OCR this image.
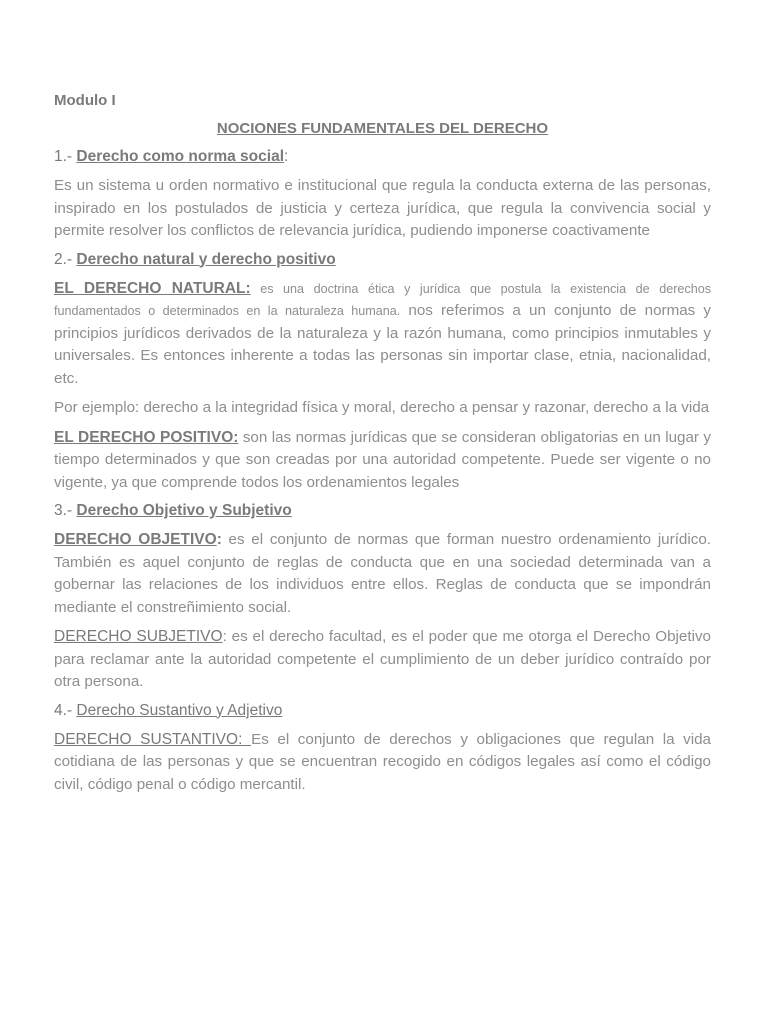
Modulo I
NOCIONES FUNDAMENTALES DEL DERECHO
1.- Derecho como norma social:

Es un sistema u orden normativo e institucional que regula la conducta externa de las personas, inspirado en los postulados de justicia y certeza jurídica, que regula la convivencia social y permite resolver los conflictos de relevancia jurídica, pudiendo imponerse coactivamente

2.- Derecho natural y derecho positivo

EL DERECHO NATURAL: es una doctrina ética y jurídica que postula la existencia de derechos fundamentados o determinados en la naturaleza humana. nos referimos a un conjunto de normas y principios jurídicos derivados de la naturaleza y la razón humana, como principios inmutables y universales. Es entonces inherente a todas las personas sin importar clase, etnia, nacionalidad, etc.

Por ejemplo: derecho a la integridad física y moral, derecho a pensar y razonar, derecho a la vida

EL DERECHO POSITIVO: son las normas jurídicas que se consideran obligatorias en un lugar y tiempo determinados y que son creadas por una autoridad competente. Puede ser vigente o no vigente, ya que comprende todos los ordenamientos legales

3.- Derecho Objetivo y Subjetivo

DERECHO OBJETIVO: es el conjunto de normas que forman nuestro ordenamiento jurídico. También es aquel conjunto de reglas de conducta que en una sociedad determinada van a gobernar las relaciones de los individuos entre ellos. Reglas de conducta que se impondrán mediante el constreñimiento social.

DERECHO SUBJETIVO: es el derecho facultad, es el poder que me otorga el Derecho Objetivo para reclamar ante la autoridad competente el cumplimiento de un deber jurídico contraído por otra persona.

4.- Derecho Sustantivo y Adjetivo

DERECHO SUSTANTIVO: Es el conjunto de derechos y obligaciones que regulan la vida cotidiana de las personas y que se encuentran recogido en códigos legales así como el código civil, código penal o código mercantil.
